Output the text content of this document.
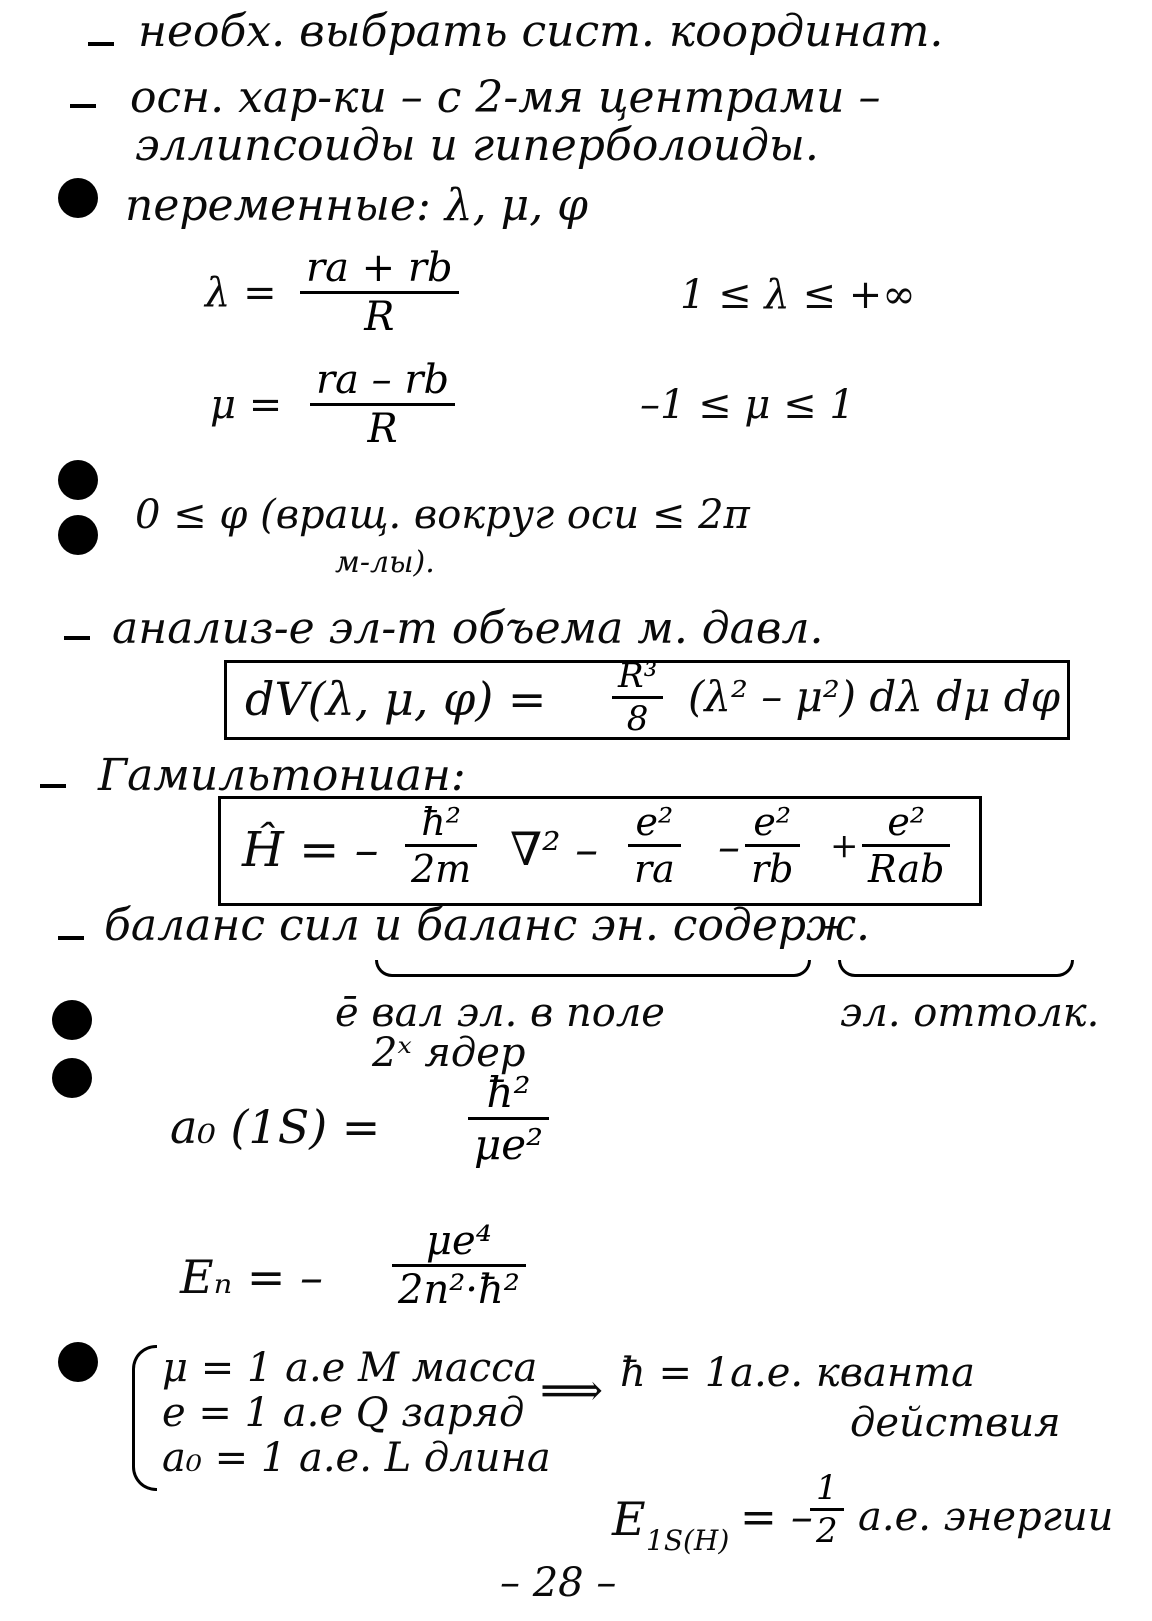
необх. выбрать сист. координат.
осн. хар-ки – с 2-мя центрами –
эллипсоиды и гиперболоиды.
переменные: λ, μ, φ
$\lambda = \frac{ra + rb}{R}$	1 ≤ λ ≤ +∞
$\mu = \frac{ra - rb}{R}$	–1 ≤ μ ≤ 1
0 ≤ φ (вращ. вокруг оси ≤ 2π
м-лы).
анализ-е эл-т объема м. давл.
dV(λ, μ, $\varphi) = \frac{\text{R³}}{8} (\lambda^2 - \mu^2)$ dλ dμ dφ
Гамильтониан:
Ĥ = – $\frac{\text{ħ²}}{2m} \nabla^2 - \frac{\text{e²}}{ra} - \frac{\text{e²}}{rb}$ +
e²
Rab
баланс сил и баланс эн. содерж.
ē вал эл. в поле
2ˣ ядер
эл. оттолк.
a₀ $(1S) = \frac{\text{ħ²}}{\text{μe²}}$
Eₙ = – $\frac{\text{μe⁴}}{\text{2n²·ħ²}}$
μ = 1 a.e M масса
e = 1 a.e Q заряд
a₀ = 1 a.e. L длина
⟹ ħ = 1a.e. кванта
действия
E 1S(H) = –
$\frac{1}{2} a.e$. энергии
– 28 –
